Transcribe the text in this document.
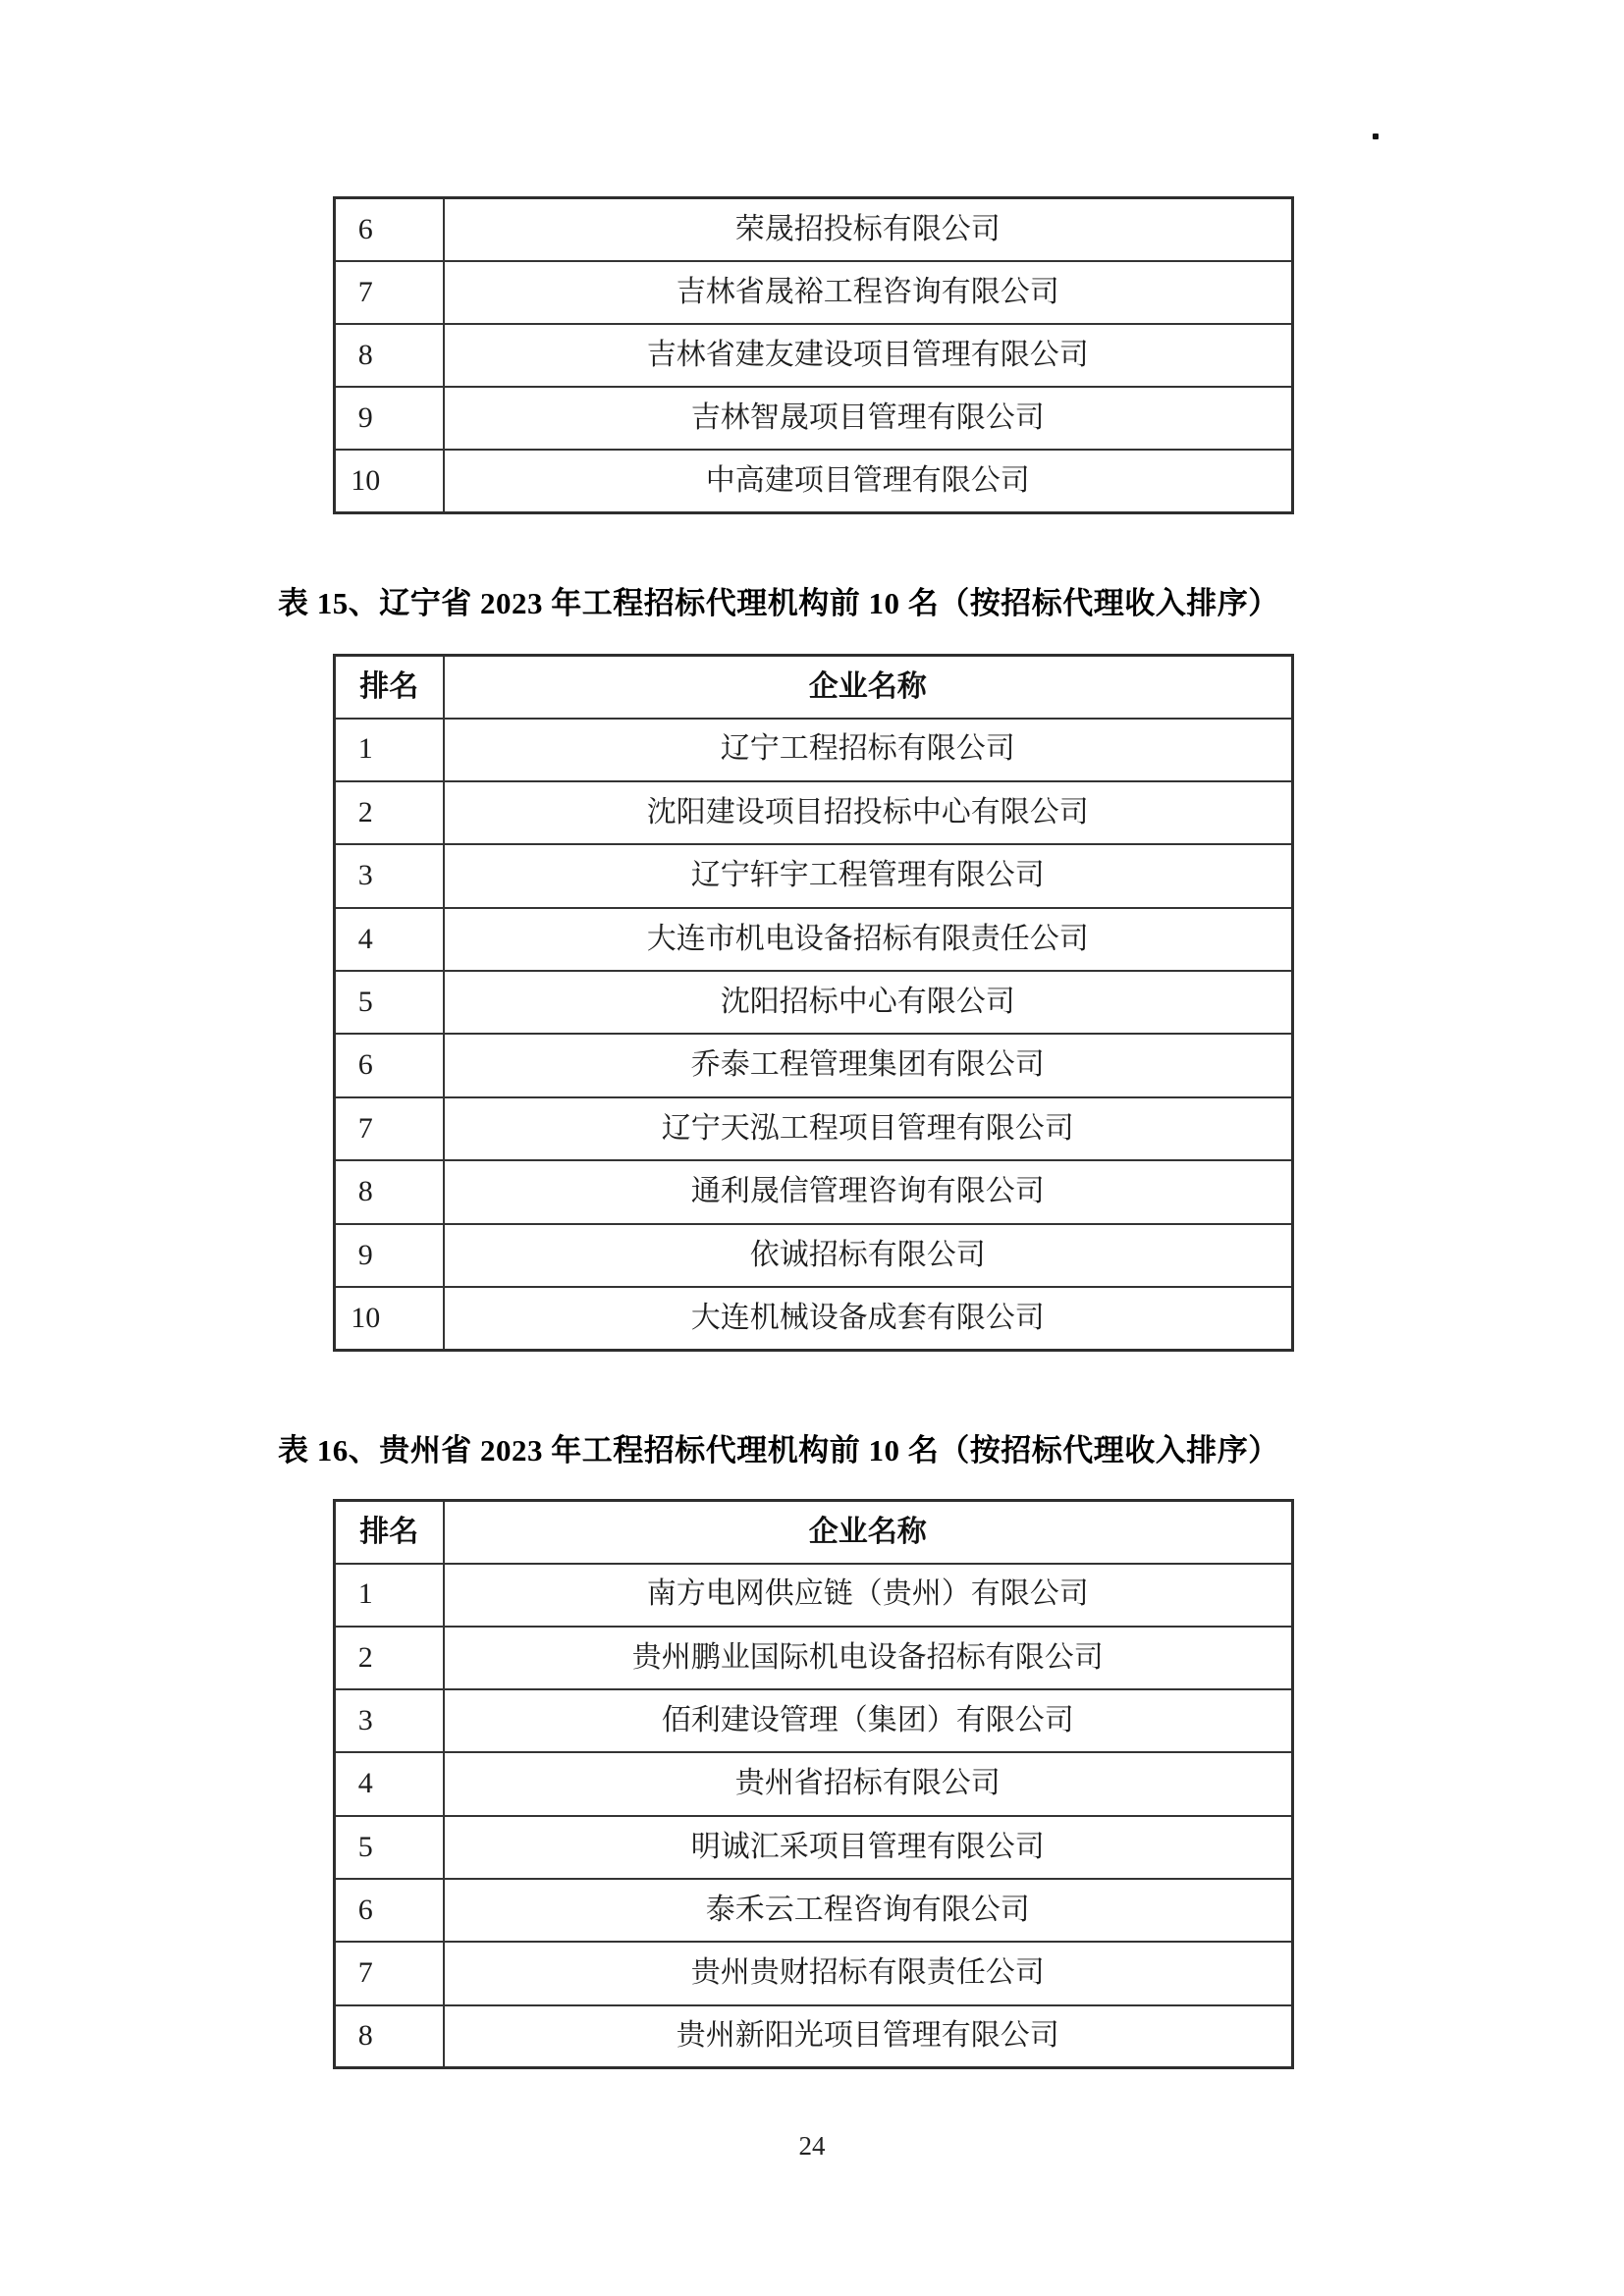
6	荣晟招投标有限公司
7	吉林省晟裕工程咨询有限公司
8	吉林省建友建设项目管理有限公司
9	吉林智晟项目管理有限公司
10	中高建项目管理有限公司
表 15、辽宁省 2023 年工程招标代理机构前 10 名（按招标代理收入排序）
排名	企业名称
1	辽宁工程招标有限公司
2	沈阳建设项目招投标中心有限公司
3	辽宁轩宇工程管理有限公司
4	大连市机电设备招标有限责任公司
5	沈阳招标中心有限公司
6	乔泰工程管理集团有限公司
7	辽宁天泓工程项目管理有限公司
8	通利晟信管理咨询有限公司
9	依诚招标有限公司
10	大连机械设备成套有限公司
表 16、贵州省 2023 年工程招标代理机构前 10 名（按招标代理收入排序）
排名	企业名称
1	南方电网供应链（贵州）有限公司
2	贵州鹏业国际机电设备招标有限公司
3	佰利建设管理（集团）有限公司
4	贵州省招标有限公司
5	明诚汇采项目管理有限公司
6	泰禾云工程咨询有限公司
7	贵州贵财招标有限责任公司
8	贵州新阳光项目管理有限公司
24
